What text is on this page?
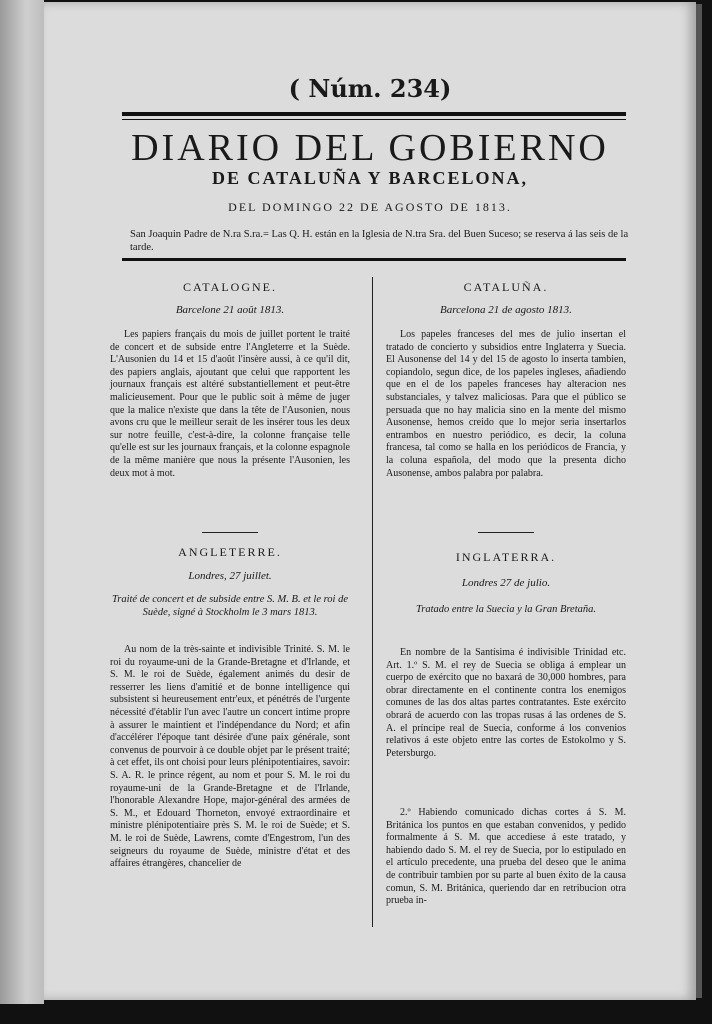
( Núm. 234)
DIARIO DEL GOBIERNO
DE CATALUÑA Y BARCELONA,
DEL DOMINGO 22 DE AGOSTO DE 1813.
San Joaquin Padre de N.ra S.ra.= Las Q. H. están en la Iglesia de N.tra Sra. del Buen Suceso; se reserva á las seis de la tarde.
CATALOGNE.
Barcelone 21 août 1813.
Les papiers français du mois de juillet portent le traité de concert et de subside entre l'Angleterre et la Suède. L'Ausonien du 14 et 15 d'août l'insère aussi, à ce qu'il dit, des papiers anglais, ajoutant que celui que rapportent les journaux français est altéré substantiellement et peut-être malicieusement. Pour que le public soit à même de juger que la malice n'existe que dans la tête de l'Ausonien, nous avons cru que le meilleur serait de les insérer tous les deux sur notre feuille, c'est-à-dire, la colonne française telle qu'elle est sur les journaux français, et la colonne espagnole de la même manière que nous la présente l'Ausonien, les deux mot à mot.
ANGLETERRE.
Londres, 27 juillet.
Traité de concert et de subside entre S. M. B. et le roi de Suède, signé à Stockholm le 3 mars 1813.
Au nom de la très-sainte et indivisible Trinité. S. M. le roi du royaume-uni de la Grande-Bretagne et d'Irlande, et S. M. le roi de Suède, également animés du desir de resserrer les liens d'amitié et de bonne intelligence qui subsistent si heureusement entr'eux, et pénétrés de l'urgente nécessité d'établir l'un avec l'autre un concert intime propre à assurer le maintient et l'indépendance du Nord; et afin d'accélérer l'époque tant désirée d'une paix générale, sont convenus de pourvoir à ce double objet par le présent traité; à cet effet, ils ont choisi pour leurs plénipotentiaires, savoir: S. A. R. le prince régent, au nom et pour S. M. le roi du royaume-uni de la Grande-Bretagne et de l'Irlande, l'honorable Alexandre Hope, major-général des armées de S. M., et Edouard Thorneton, envoyé extraordinaire et ministre plénipotentiaire près S. M. le roi de Suède; et S. M. le roi de Suède, Lawrens, comte d'Engestrom, l'un des seigneurs du royaume de Suède, ministre d'état et des affaires étrangères, chancelier de
CATALUÑA.
Barcelona 21 de agosto 1813.
Los papeles franceses del mes de julio insertan el tratado de concierto y subsidios entre Inglaterra y Suecia. El Ausonense del 14 y del 15 de agosto lo inserta tambien, copiandolo, segun dice, de los papeles ingleses, añadiendo que en el de los papeles franceses hay alteracion nes substanciales, y talvez maliciosas. Para que el público se persuada que no hay malicia sino en la mente del mismo Ausonense, hemos creido que lo mejor seria insertarlos entrambos en nuestro periódico, es decir, la coluna francesa, tal como se halla en los periódicos de Francia, y la coluna española, del modo que la presenta dicho Ausonense, ambos palabra por palabra.
INGLATERRA.
Londres 27 de julio.
Tratado entre la Suecia y la Gran Bretaña.
En nombre de la Santísima é indivisible Trinidad etc. Art. 1.º S. M. el rey de Suecia se obliga á emplear un cuerpo de exército que no baxará de 30,000 hombres, para obrar directamente en el continente contra los enemigos comunes de las dos altas partes contratantes. Este exército obrará de acuerdo con las tropas rusas á las ordenes de S. A. el príncipe real de Suecia, conforme á los convenios relativos á este objeto entre las cortes de Estokolmo y S. Petersburgo.
2.º Habiendo comunicado dichas cortes á S. M. Británica los puntos en que estaban convenidos, y pedido formalmente á S. M. que accediese á este tratado, y habiendo dado S. M. el rey de Suecia, por lo estipulado en el artículo precedente, una prueba del deseo que le anima de contribuir tambien por su parte al buen éxito de la causa comun, S. M. Británica, queriendo dar en retribucion otra prueba in-
